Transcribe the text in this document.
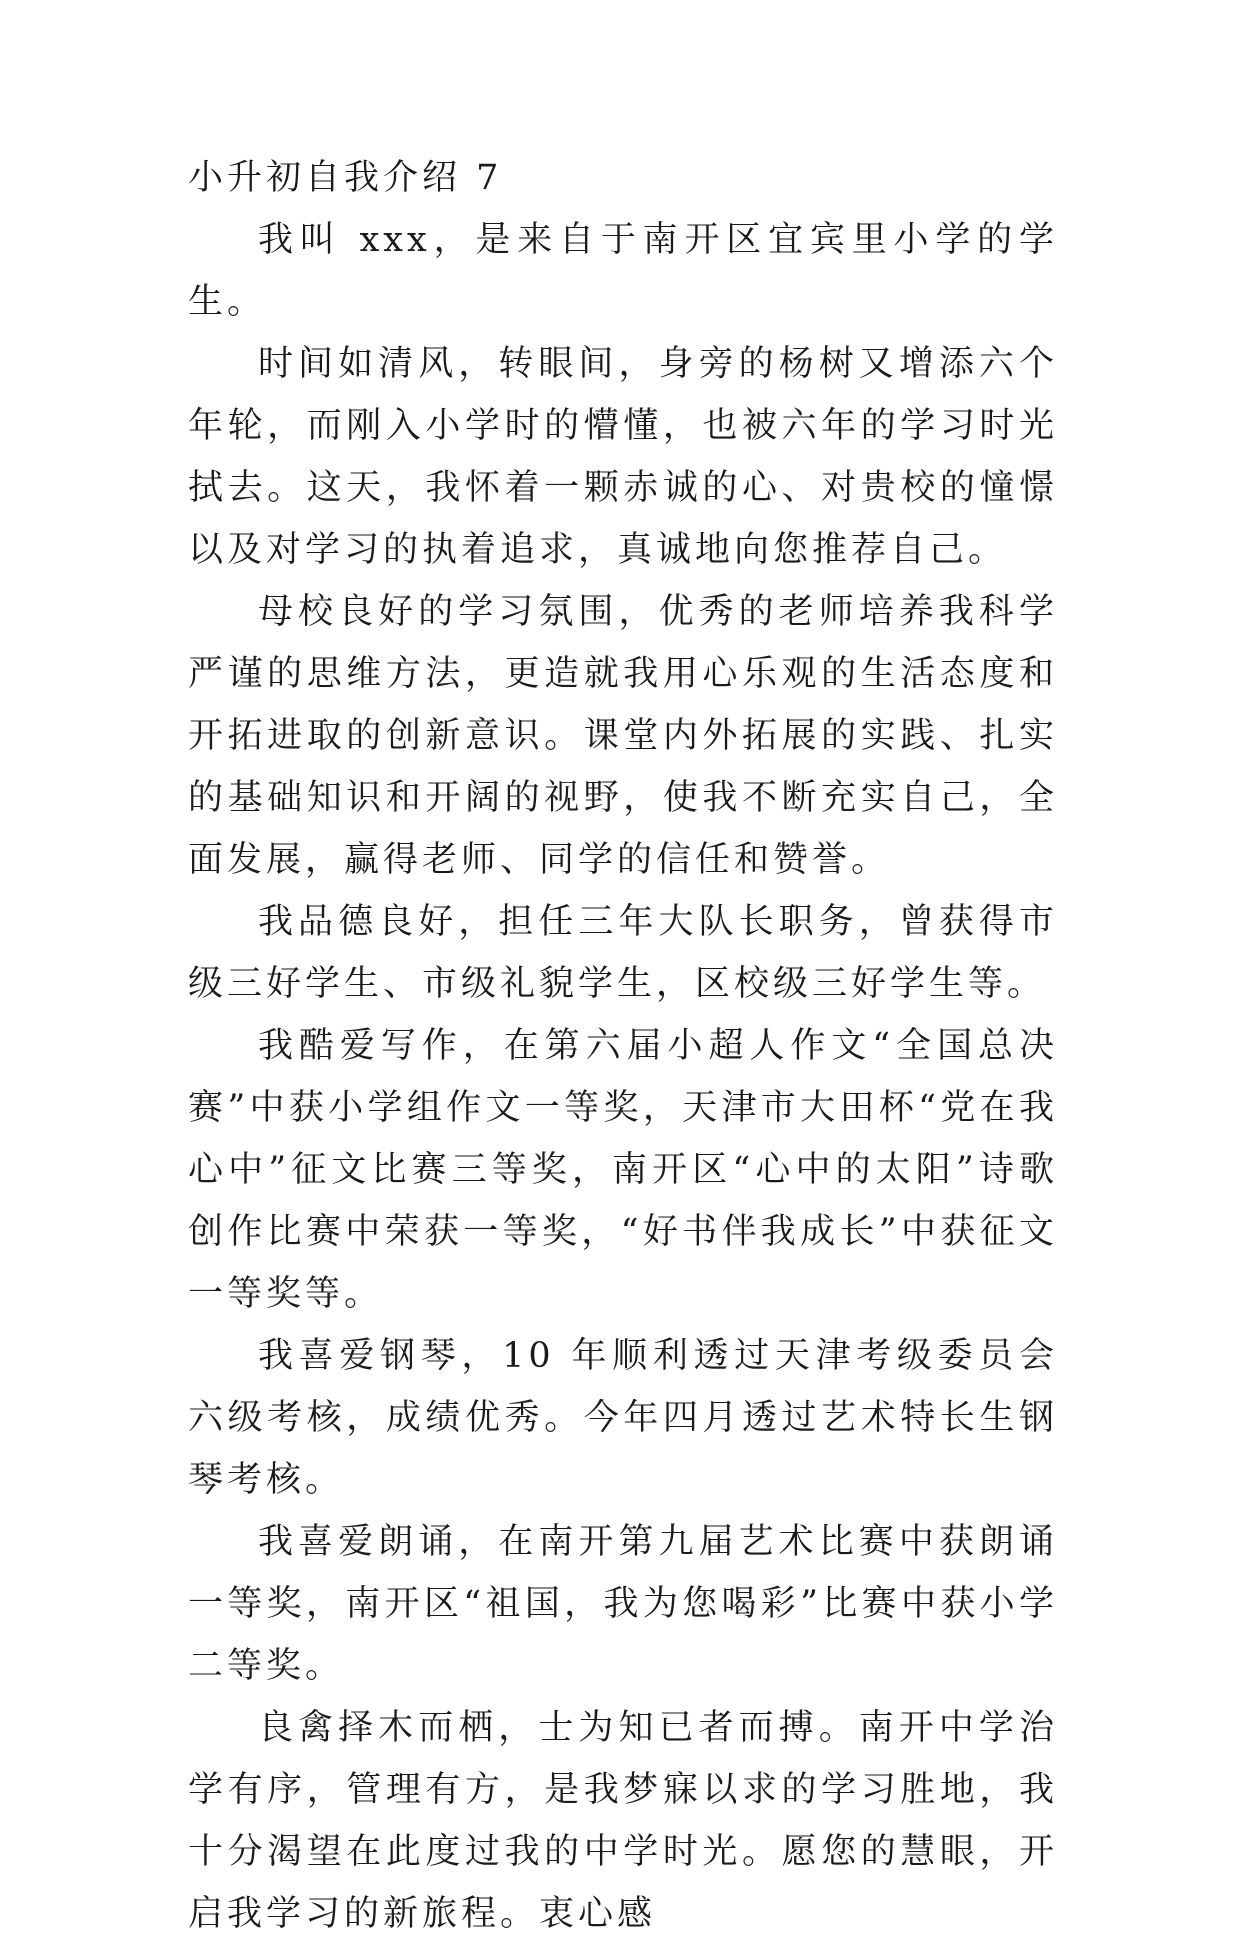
小升初自我介绍 7

我叫 xxx，是来自于南开区宜宾里小学的学生。

时间如清风，转眼间，身旁的杨树又增添六个年轮，而刚入小学时的懵懂，也被六年的学习时光拭去。这天，我怀着一颗赤诚的心、对贵校的憧憬以及对学习的执着追求，真诚地向您推荐自己。

母校良好的学习氛围，优秀的老师培养我科学严谨的思维方法，更造就我用心乐观的生活态度和开拓进取的创新意识。课堂内外拓展的实践、扎实的基础知识和开阔的视野，使我不断充实自己，全面发展，赢得老师、同学的信任和赞誉。

我品德良好，担任三年大队长职务，曾获得市级三好学生、市级礼貌学生，区校级三好学生等。

我酷爱写作，在第六届小超人作文“全国总决赛”中获小学组作文一等奖，天津市大田杯“党在我心中”征文比赛三等奖，南开区“心中的太阳”诗歌创作比赛中荣获一等奖，“好书伴我成长”中获征文一等奖等。

我喜爱钢琴，10 年顺利透过天津考级委员会六级考核，成绩优秀。今年四月透过艺术特长生钢琴考核。

我喜爱朗诵，在南开第九届艺术比赛中获朗诵一等奖，南开区“祖国，我为您喝彩”比赛中获小学二等奖。

良禽择木而栖，士为知已者而搏。南开中学治学有序，管理有方，是我梦寐以求的学习胜地，我十分渴望在此度过我的中学时光。愿您的慧眼，开启我学习的新旅程。衷心感
